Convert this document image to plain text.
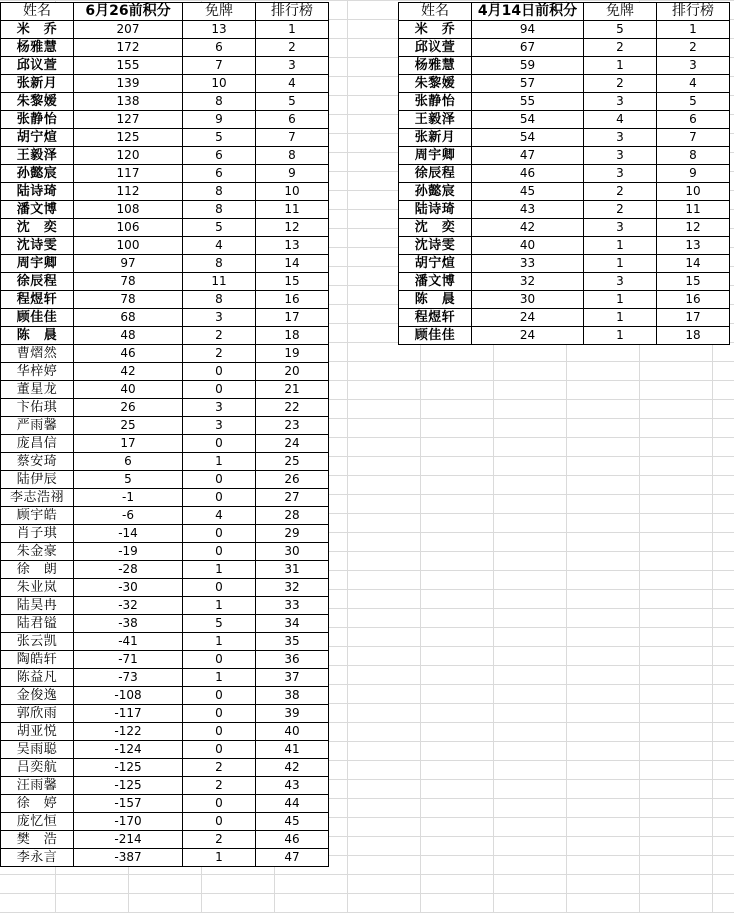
姓名	6月26前积分	免牌	排行榜
米　乔	207	13	1
杨雅慧	172	6	2
邱议萱	155	7	3
张新月	139	10	4
朱黎嫒	138	8	5
张静怡	127	9	6
胡宁煊	125	5	7
王毅泽	120	6	8
孙懿宸	117	6	9
陆诗琦	112	8	10
潘文博	108	8	11
沈　奕	106	5	12
沈诗雯	100	4	13
周宇卿	97	8	14
徐辰程	78	11	15
程煜轩	78	8	16
顾佳佳	68	3	17
陈　晨	48	2	18
曹熠然	46	2	19
华梓婷	42	0	20
董星龙	40	0	21
卞佑琪	26	3	22
严雨馨	25	3	23
庞昌信	17	0	24
蔡安琦	6	1	25
陆伊辰	5	0	26
李志浩祤	-1	0	27
顾宇皓	-6	4	28
肖子琪	-14	0	29
朱金豪	-19	0	30
徐　朗	-28	1	31
朱业岚	-30	0	32
陆昊冉	-32	1	33
陆君镒	-38	5	34
张云凯	-41	1	35
陶皓轩	-71	0	36
陈益凡	-73	1	37
金俊逸	-108	0	38
郭欣雨	-117	0	39
胡亚悦	-122	0	40
吴雨聪	-124	0	41
吕奕航	-125	2	42
汪雨馨	-125	2	43
徐　婷	-157	0	44
庞忆恒	-170	0	45
樊　浩	-214	2	46
李永言	-387	1	47
姓名	4月14日前积分	免牌	排行榜
米　乔	94	5	1
邱议萱	67	2	2
杨雅慧	59	1	3
朱黎嫒	57	2	4
张静怡	55	3	5
王毅泽	54	4	6
张新月	54	3	7
周宇卿	47	3	8
徐辰程	46	3	9
孙懿宸	45	2	10
陆诗琦	43	2	11
沈　奕	42	3	12
沈诗雯	40	1	13
胡宁煊	33	1	14
潘文博	32	3	15
陈　晨	30	1	16
程煜轩	24	1	17
顾佳佳	24	1	18
